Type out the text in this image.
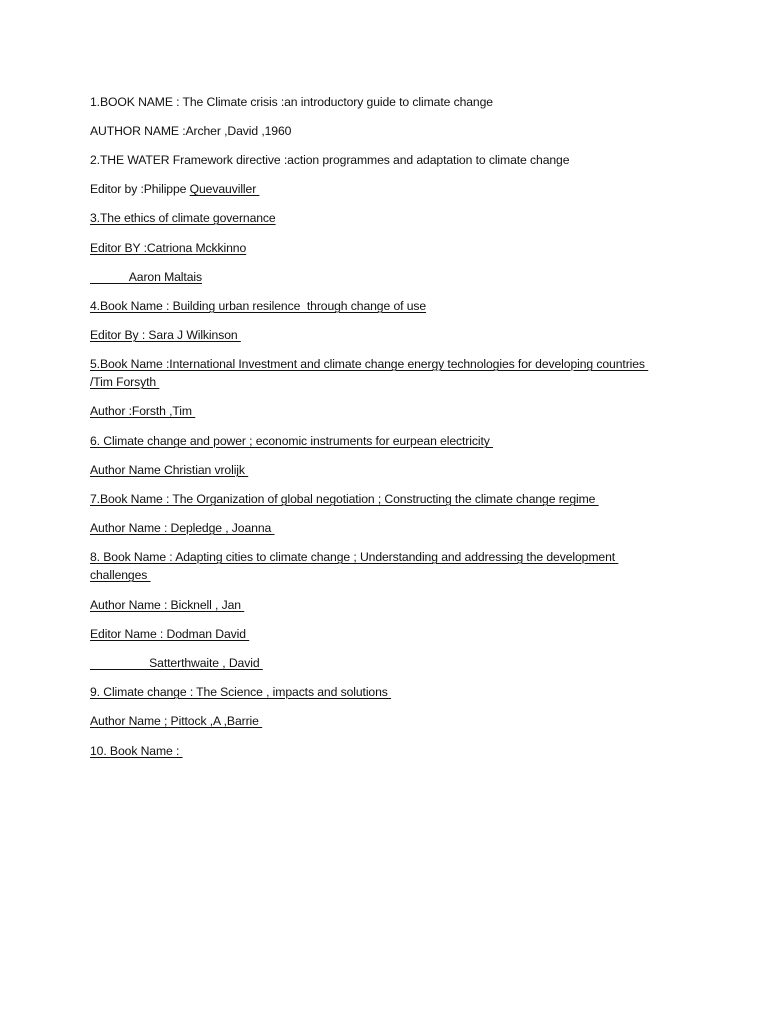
1.BOOK NAME : The Climate crisis :an introductory guide to climate change
AUTHOR NAME :Archer ,David ,1960
2.THE WATER Framework directive :action programmes and adaptation to climate change
Editor by :Philippe Quevauviller
3.The ethics of climate governance
Editor BY :Catriona Mckkinno
Aaron Maltais
4.Book Name : Building urban resilence  through change of use
Editor By : Sara J Wilkinson
5.Book Name :International Investment and climate change energy technologies for developing countries /Tim Forsyth
Author :Forsth ,Tim
6. Climate change and power ; economic instruments for eurpean electricity
Author Name Christian vrolijk
7.Book Name : The Organization of global negotiation ; Constructing the climate change regime
Author Name : Depledge , Joanna
8. Book Name : Adapting cities to climate change ; Understanding and addressing the development challenges
Author Name : Bicknell , Jan
Editor Name : Dodman David
Satterthwaite , David
9. Climate change : The Science , impacts and solutions
Author Name ; Pittock ,A ,Barrie
10. Book Name :
